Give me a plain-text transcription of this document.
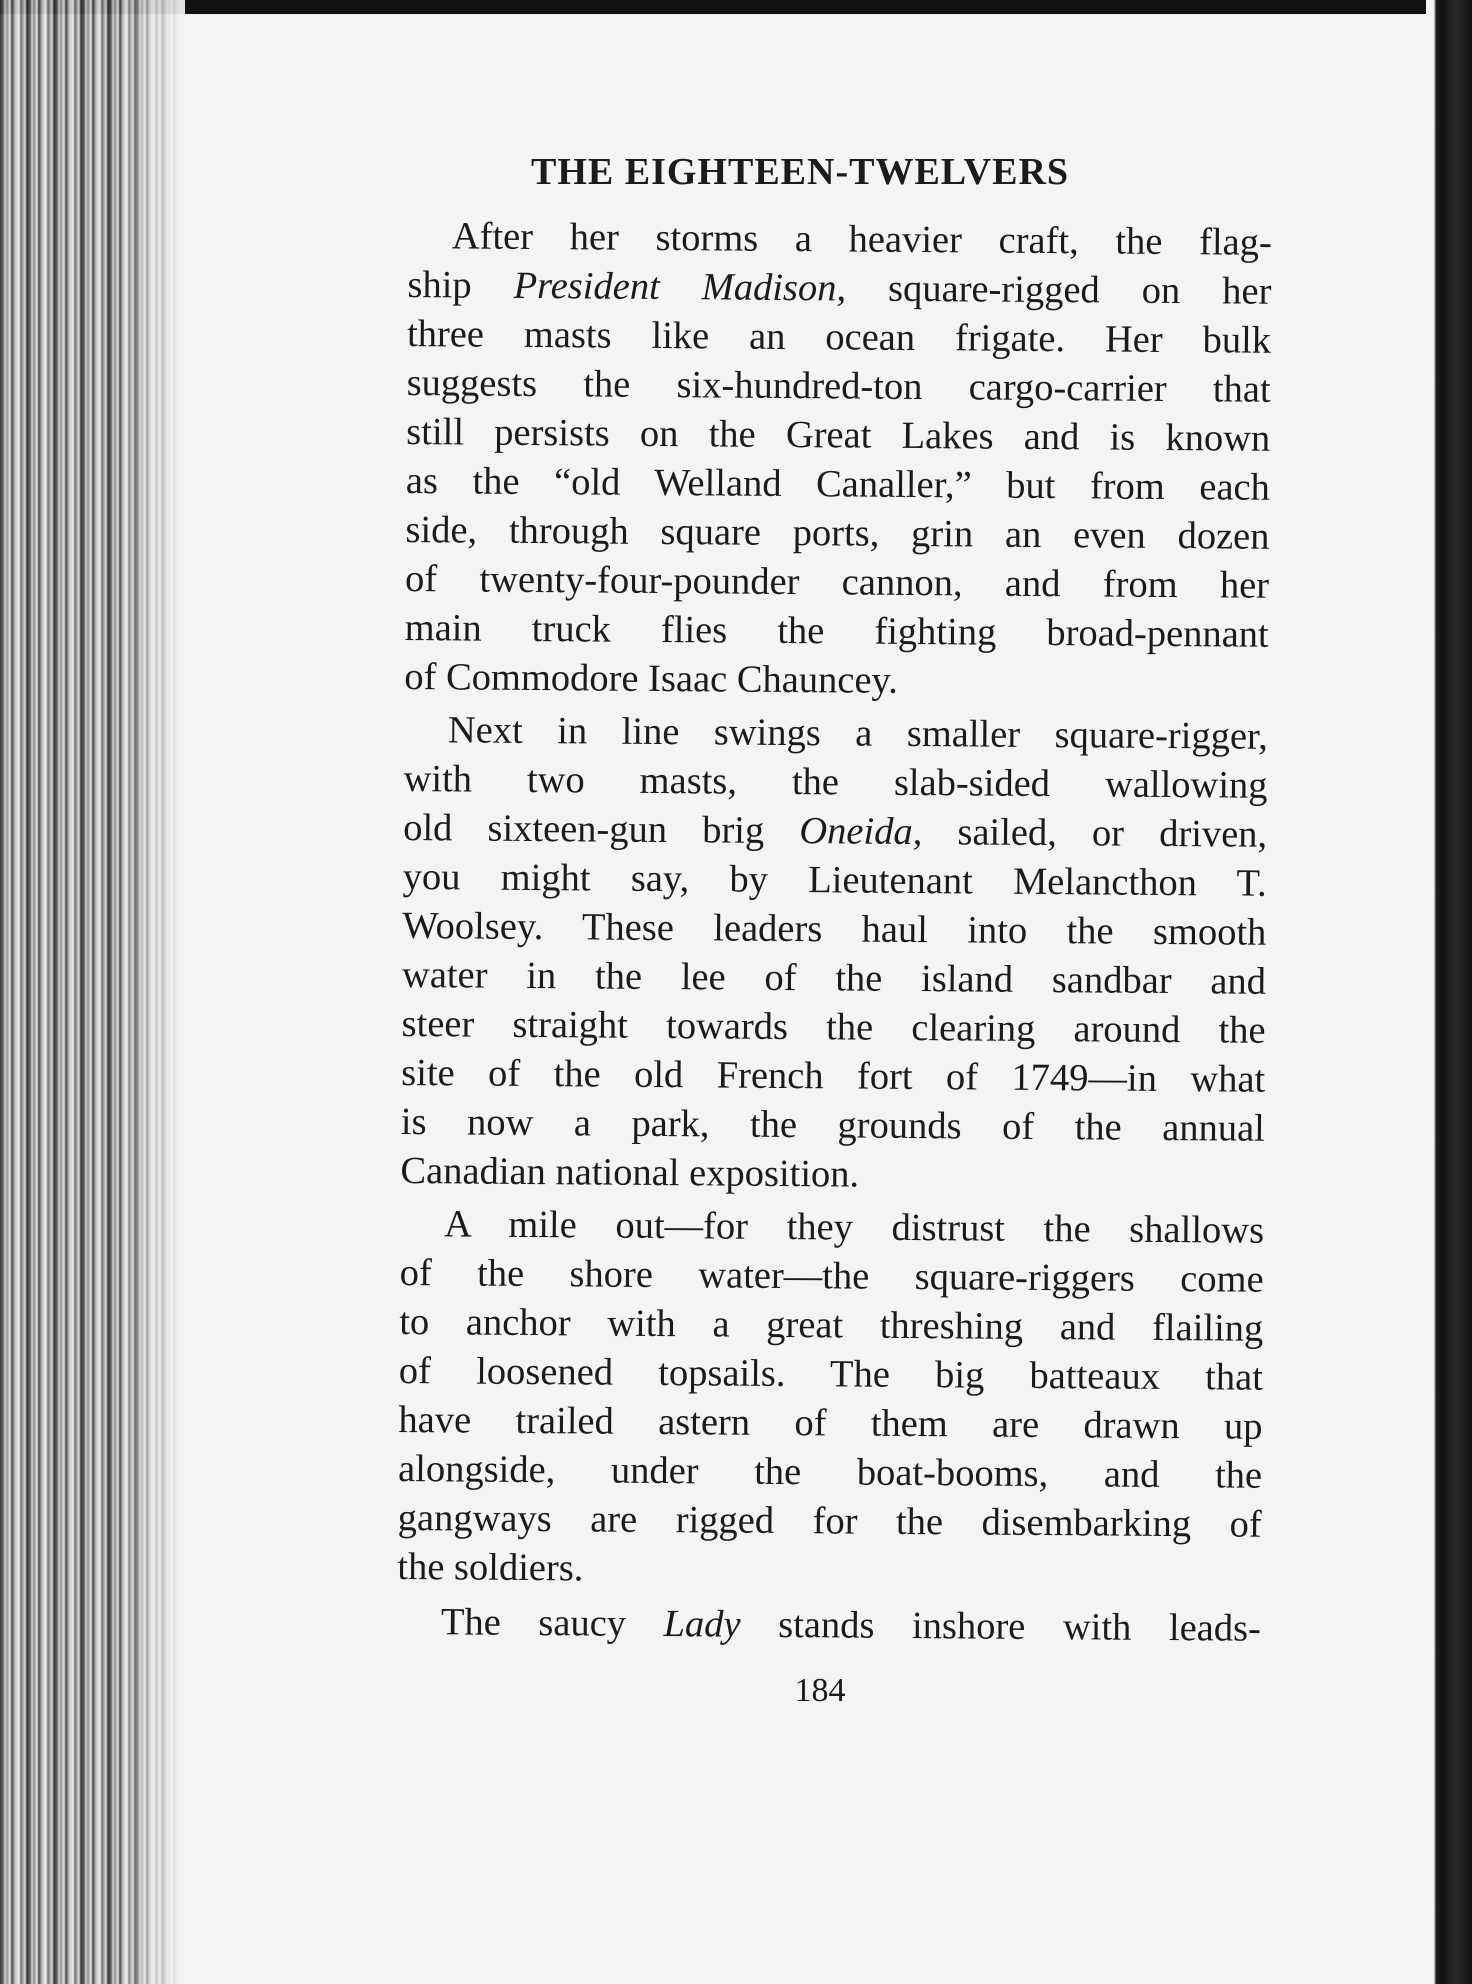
THE EIGHTEEN-TWELVERS
After her storms a heavier craft, the flag-
ship President Madison, square-rigged on her
three masts like an ocean frigate. Her bulk
suggests the six-hundred-ton cargo-carrier that
still persists on the Great Lakes and is known
as the “old Welland Canaller,” but from each
side, through square ports, grin an even dozen
of twenty-four-pounder cannon, and from her
main truck flies the fighting broad-pennant
of Commodore Isaac Chauncey.
Next in line swings a smaller square-rigger,
with two masts, the slab-sided wallowing
old sixteen-gun brig Oneida, sailed, or driven,
you might say, by Lieutenant Melancthon T.
Woolsey. These leaders haul into the smooth
water in the lee of the island sandbar and
steer straight towards the clearing around the
site of the old French fort of 1749—in what
is now a park, the grounds of the annual
Canadian national exposition.
A mile out—for they distrust the shallows
of the shore water—the square-riggers come
to anchor with a great threshing and flailing
of loosened topsails. The big batteaux that
have trailed astern of them are drawn up
alongside, under the boat-booms, and the
gangways are rigged for the disembarking of
the soldiers.
The saucy Lady stands inshore with leads-

184
